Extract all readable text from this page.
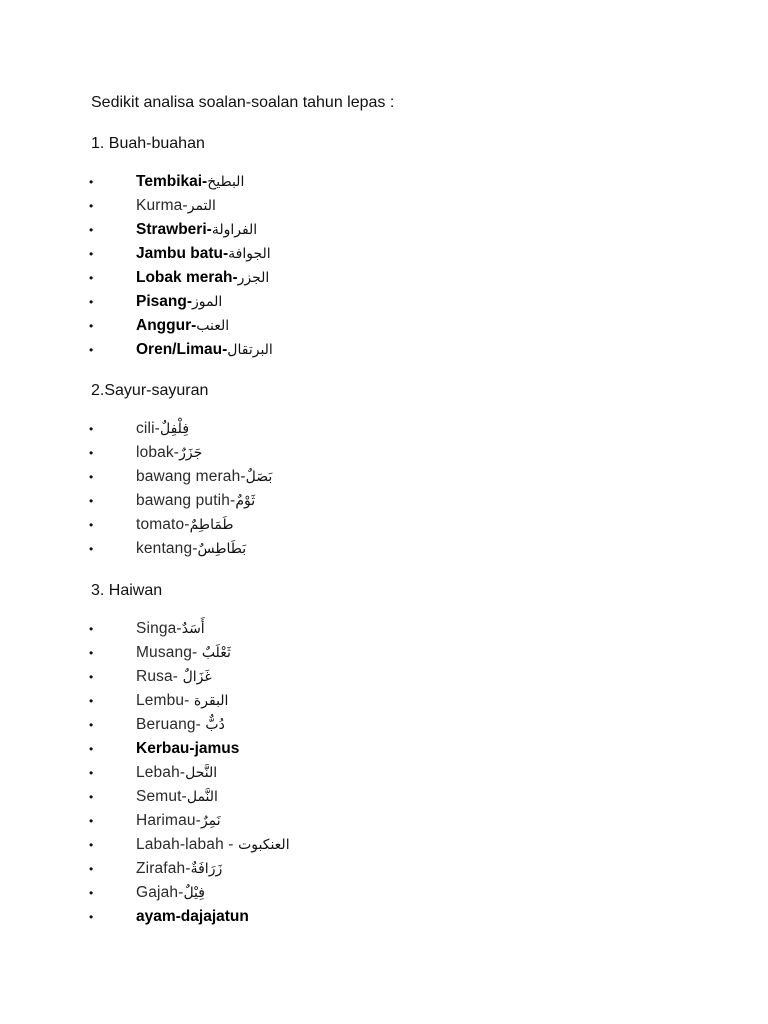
Sedikit analisa soalan-soalan tahun lepas :
1. Buah-buahan
•	Tembikai-البطيخ
•	Kurma-التمر
•	Strawberi-الفراولة
•	Jambu batu-الجوافة
•	Lobak merah-الجزر
•	Pisang-الموز
•	Anggur-العنب
•	Oren/Limau-البرتقال
2.Sayur-sayuran
•	cili-فِلْفِلٌ
•	lobak-جَزَرٌ
•	bawang merah-بَصَلٌ
•	bawang putih-ثَوْمٌ
•	tomato-طَمَاطِمٌ
•	kentang-بَطَاطِسٌ
3. Haiwan
•	Singa-أَسَدٌ
•	Musang- ثَعْلَبٌ
•	Rusa- غَزَالٌ
•	Lembu- البقرة
•	Beruang- دُبٌّ
•	Kerbau-jamus
•	Lebah-النَّحل
•	Semut-النَّمل
•	Harimau-نَمِرٌ
•	Labah-labah - العنكبوت
•	Zirafah-زَرَافَةٌ
•	Gajah-فِيْلٌ
•	ayam-dajajatun
